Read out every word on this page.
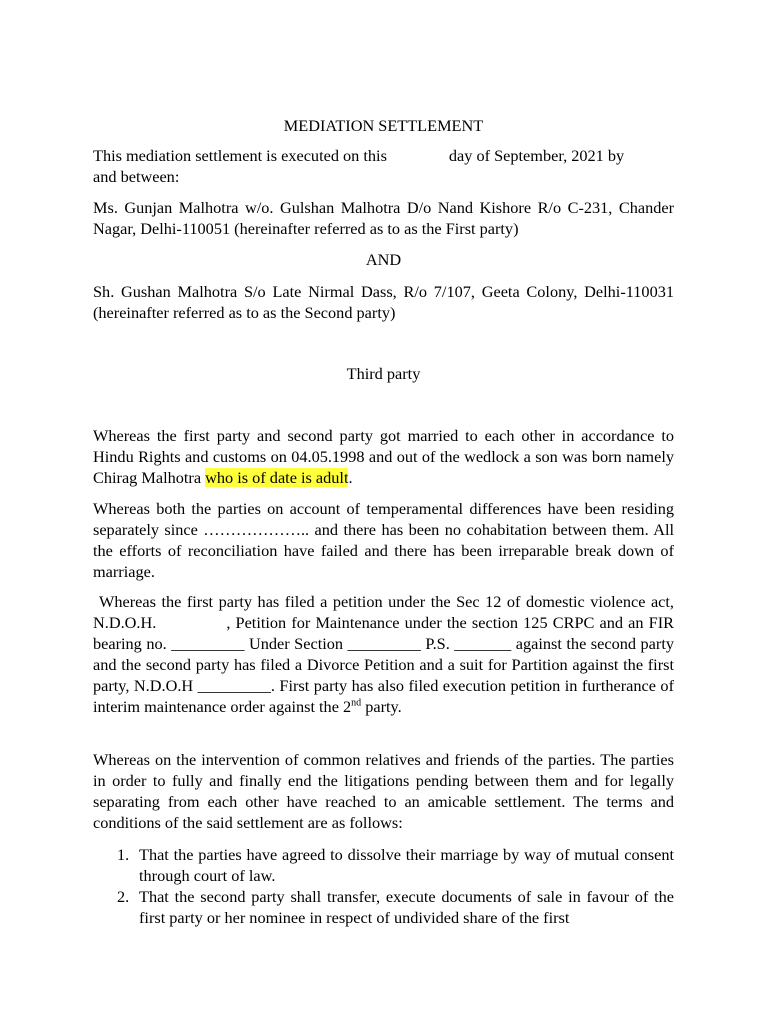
MEDIATION SETTLEMENT

This mediation settlement is executed on this	day of September, 2021 by
and between:

Ms. Gunjan Malhotra w/o. Gulshan Malhotra D/o Nand Kishore R/o C-231, Chander Nagar, Delhi-110051 (hereinafter referred as to as the First party)

AND

Sh. Gushan Malhotra S/o Late Nirmal Dass, R/o 7/107, Geeta Colony, Delhi-110031 (hereinafter referred as to as the Second party)

Third party

Whereas the first party and second party got married to each other in accordance to Hindu Rights and customs on 04.05.1998 and out of the wedlock a son was born namely Chirag Malhotra who is of date is adult.

Whereas both the parties on account of temperamental differences have been residing separately since ……………….. and there has been no cohabitation between them. All the efforts of reconciliation have failed and there has been irreparable break down of marriage.

Whereas the first party has filed a petition under the Sec 12 of domestic violence act, N.D.O.H.	, Petition for Maintenance under the section 125 CRPC and an FIR bearing no. _________ Under Section _________ P.S. _______ against the second party and the second party has filed a Divorce Petition and a suit for Partition against the first party, N.D.O.H _________. First party has also filed execution petition in furtherance of interim maintenance order against the 2nd party.

Whereas on the intervention of common relatives and friends of the parties. The parties in order to fully and finally end the litigations pending between them and for legally separating from each other have reached to an amicable settlement. The terms and conditions of the said settlement are as follows:

1. That the parties have agreed to dissolve their marriage by way of mutual consent through court of law.
2. That the second party shall transfer, execute documents of sale in favour of the first party or her nominee in respect of undivided share of the first
